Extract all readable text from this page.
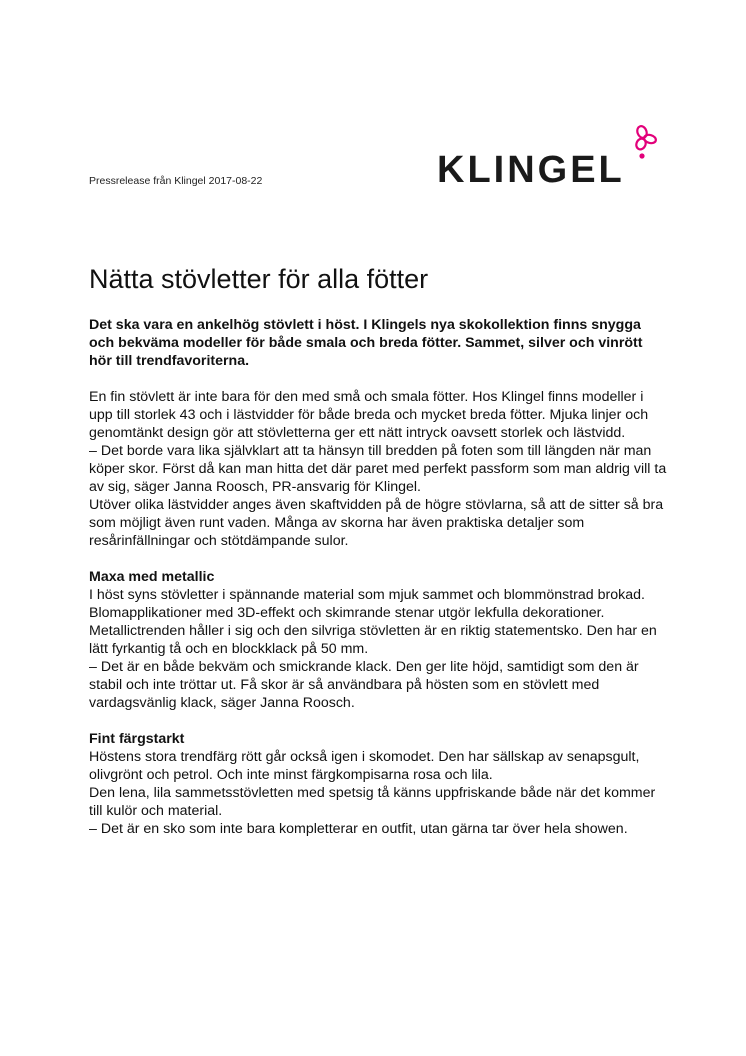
Pressrelease från Klingel 2017-08-22	KLINGEL
Nätta stövletter för alla fötter

Det ska vara en ankelhög stövlett i höst. I Klingels nya skokollektion finns snygga och bekväma modeller för både smala och breda fötter. Sammet, silver och vinrött hör till trendfavoriterna.

En fin stövlett är inte bara för den med små och smala fötter. Hos Klingel finns modeller i upp till storlek 43 och i lästvidder för både breda och mycket breda fötter. Mjuka linjer och genomtänkt design gör att stövletterna ger ett nätt intryck oavsett storlek och lästvidd.

– Det borde vara lika självklart att ta hänsyn till bredden på foten som till längden när man köper skor. Först då kan man hitta det där paret med perfekt passform som man aldrig vill ta av sig, säger Janna Roosch, PR-ansvarig för Klingel.

Utöver olika lästvidder anges även skaftvidden på de högre stövlarna, så att de sitter så bra som möjligt även runt vaden. Många av skorna har även praktiska detaljer som resårinfällningar och stötdämpande sulor.

Maxa med metallic

I höst syns stövletter i spännande material som mjuk sammet och blommönstrad brokad. Blomapplikationer med 3D-effekt och skimrande stenar utgör lekfulla dekorationer. Metallictrenden håller i sig och den silvriga stövletten är en riktig statementsko. Den har en lätt fyrkantig tå och en blockklack på 50 mm.

– Det är en både bekväm och smickrande klack. Den ger lite höjd, samtidigt som den är stabil och inte tröttar ut. Få skor är så användbara på hösten som en stövlett med vardagsvänlig klack, säger Janna Roosch.

Fint färgstarkt

Höstens stora trendfärg rött går också igen i skomodet. Den har sällskap av senapsgult, olivgrönt och petrol. Och inte minst färgkompisarna rosa och lila.

Den lena, lila sammetsstövletten med spetsig tå känns uppfriskande både när det kommer till kulör och material.

– Det är en sko som inte bara kompletterar en outfit, utan gärna tar över hela showen.
